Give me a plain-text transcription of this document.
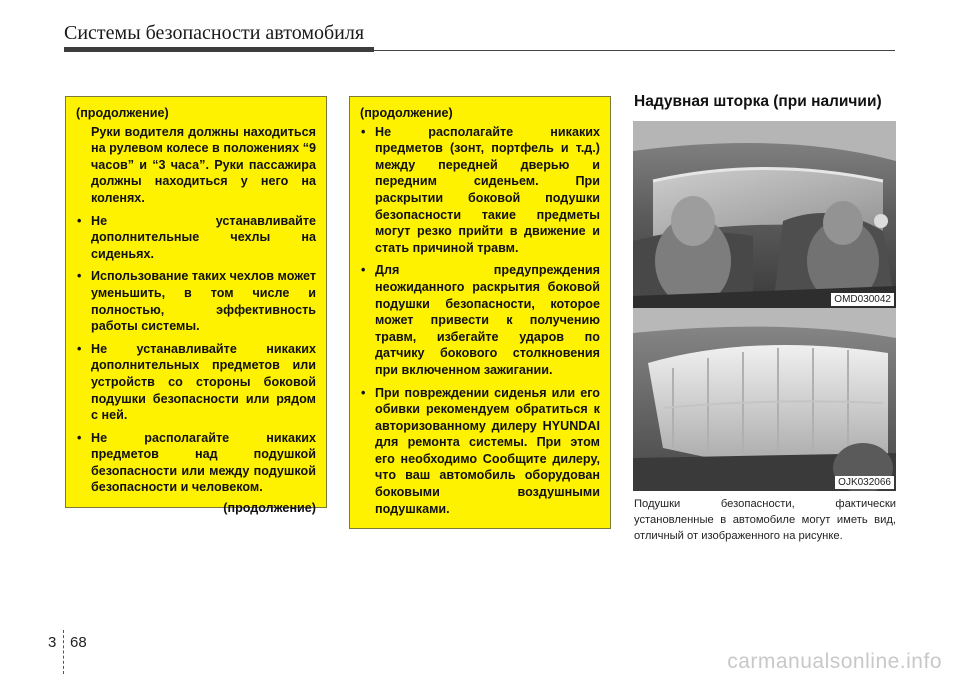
Системы безопасности автомобиля
(продолжение)
Руки водителя должны находиться на рулевом колесе в положениях “9 часов” и “3 часа”. Руки пассажира должны находиться у него на коленях.
• Не устанавливайте дополнительные чехлы на сиденьях.
• Использование таких чехлов может уменьшить, в том числе и полностью, эффективность работы системы.
• Не устанавливайте никаких дополнительных предметов или устройств со стороны боковой подушки безопасности или рядом с ней.
• Не располагайте никаких предметов над подушкой безопасности или между подушкой безопасности и человеком.
(продолжение)
(продолжение)
• Не располагайте никаких предметов (зонт, портфель и т.д.) между передней дверью и передним сиденьем. При раскрытии боковой подушки безопасности такие предметы могут резко прийти в движение и стать причиной травм.
• Для предупреждения неожиданного раскрытия боковой подушки безопасности, которое может привести к получению травм, избегайте ударов по датчику бокового столкновения при включенном зажигании.
• При повреждении сиденья или его обивки рекомендуем обратиться к авторизованному дилеру HYUNDAI для ремонта системы. При этом его необходимо Сообщите дилеру, что ваш автомобиль оборудован боковыми воздушными подушками.
Надувная шторка (при наличии)
OMD030042
OJK032066
Подушки безопасности, фактически установленные в автомобиле могут иметь вид, отличный от изображенного на рисунке.
3 68
carmanualsonline.info
